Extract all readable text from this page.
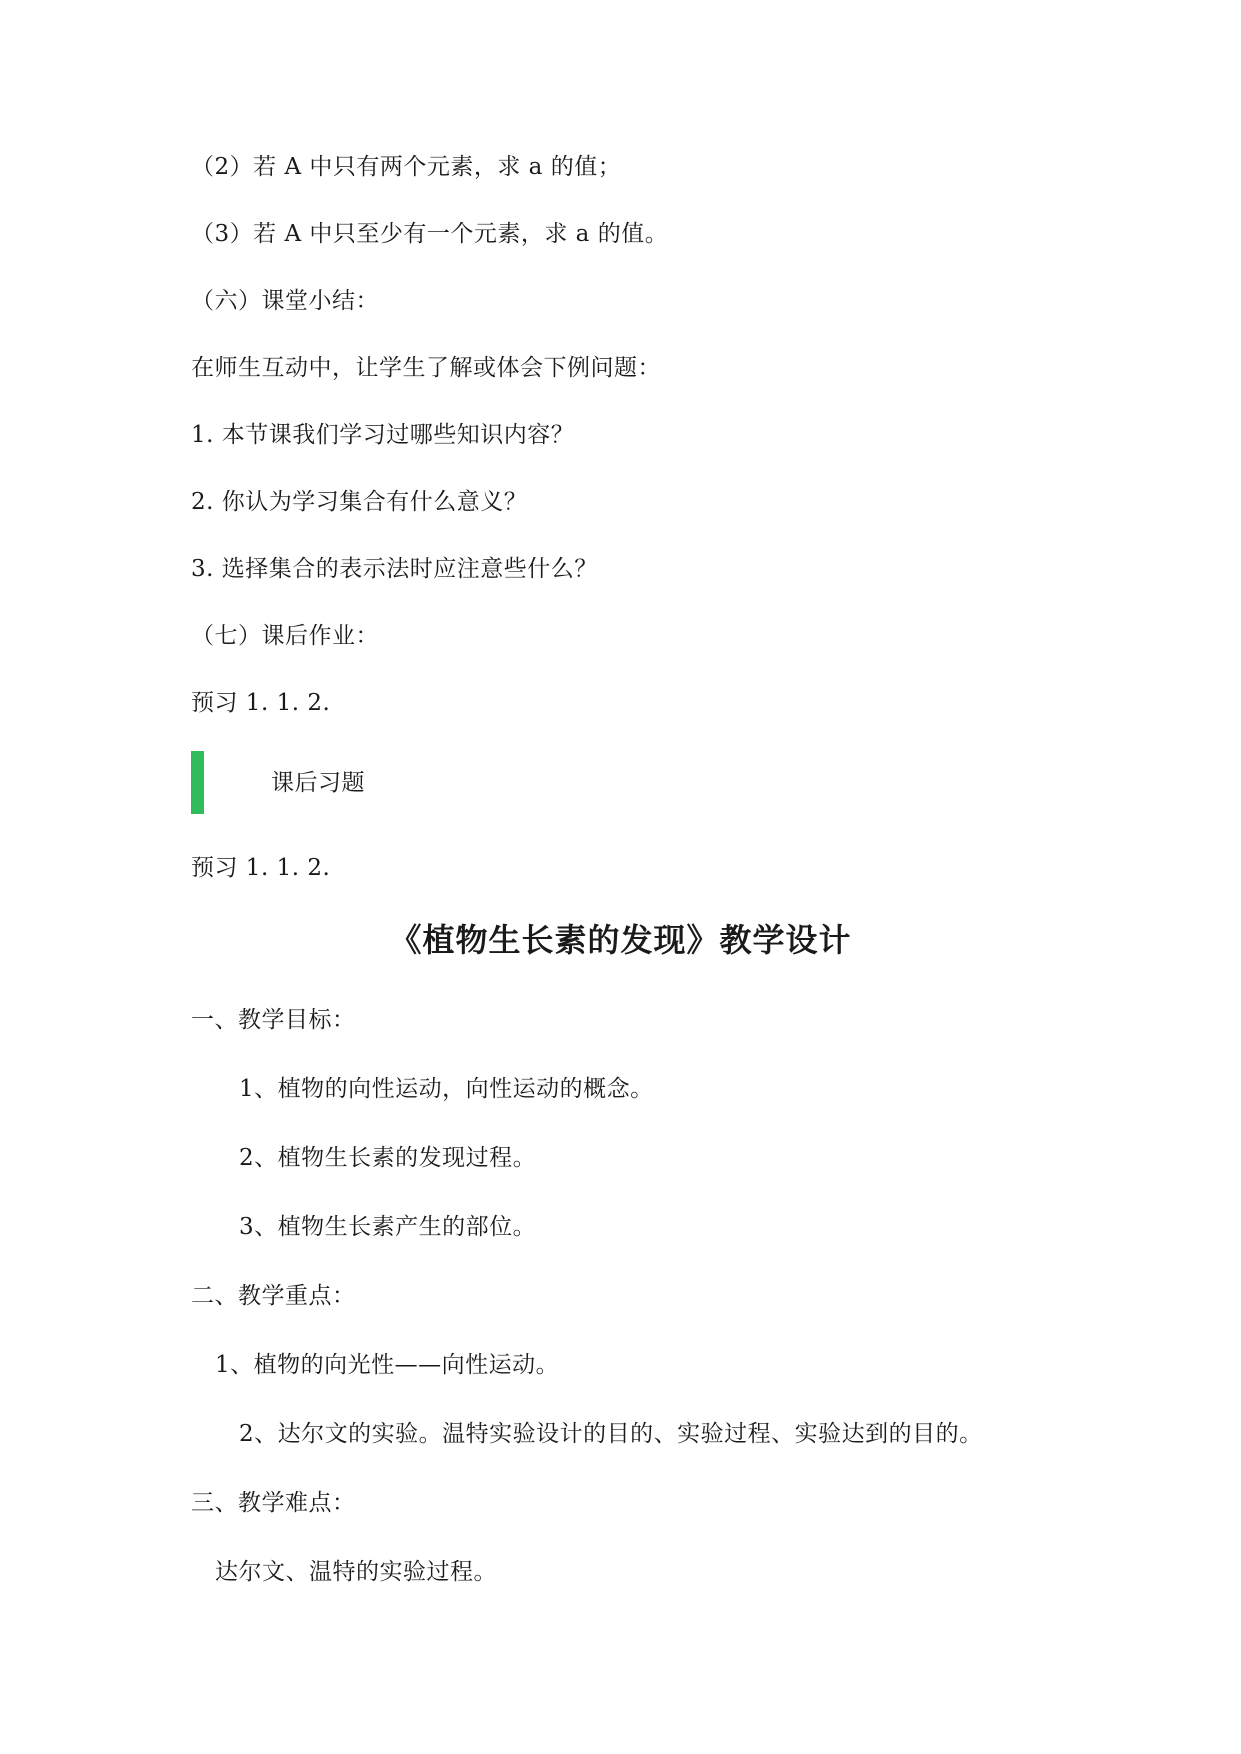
（2）若 A 中只有两个元素，求 a 的值；
（3）若 A 中只至少有一个元素，求 a 的值。
（六）课堂小结：
在师生互动中，让学生了解或体会下例问题：
1. 本节课我们学习过哪些知识内容？
2. 你认为学习集合有什么意义？
3. 选择集合的表示法时应注意些什么？
（七）课后作业：
预习 1. 1. 2.
课后习题
预习 1. 1. 2.
《植物生长素的发现》教学设计
一、教学目标：
1、植物的向性运动，向性运动的概念。
2、植物生长素的发现过程。
3、植物生长素产生的部位。
二、教学重点：
1、植物的向光性——向性运动。
2、达尔文的实验。温特实验设计的目的、实验过程、实验达到的目的。
三、教学难点：
达尔文、温特的实验过程。
